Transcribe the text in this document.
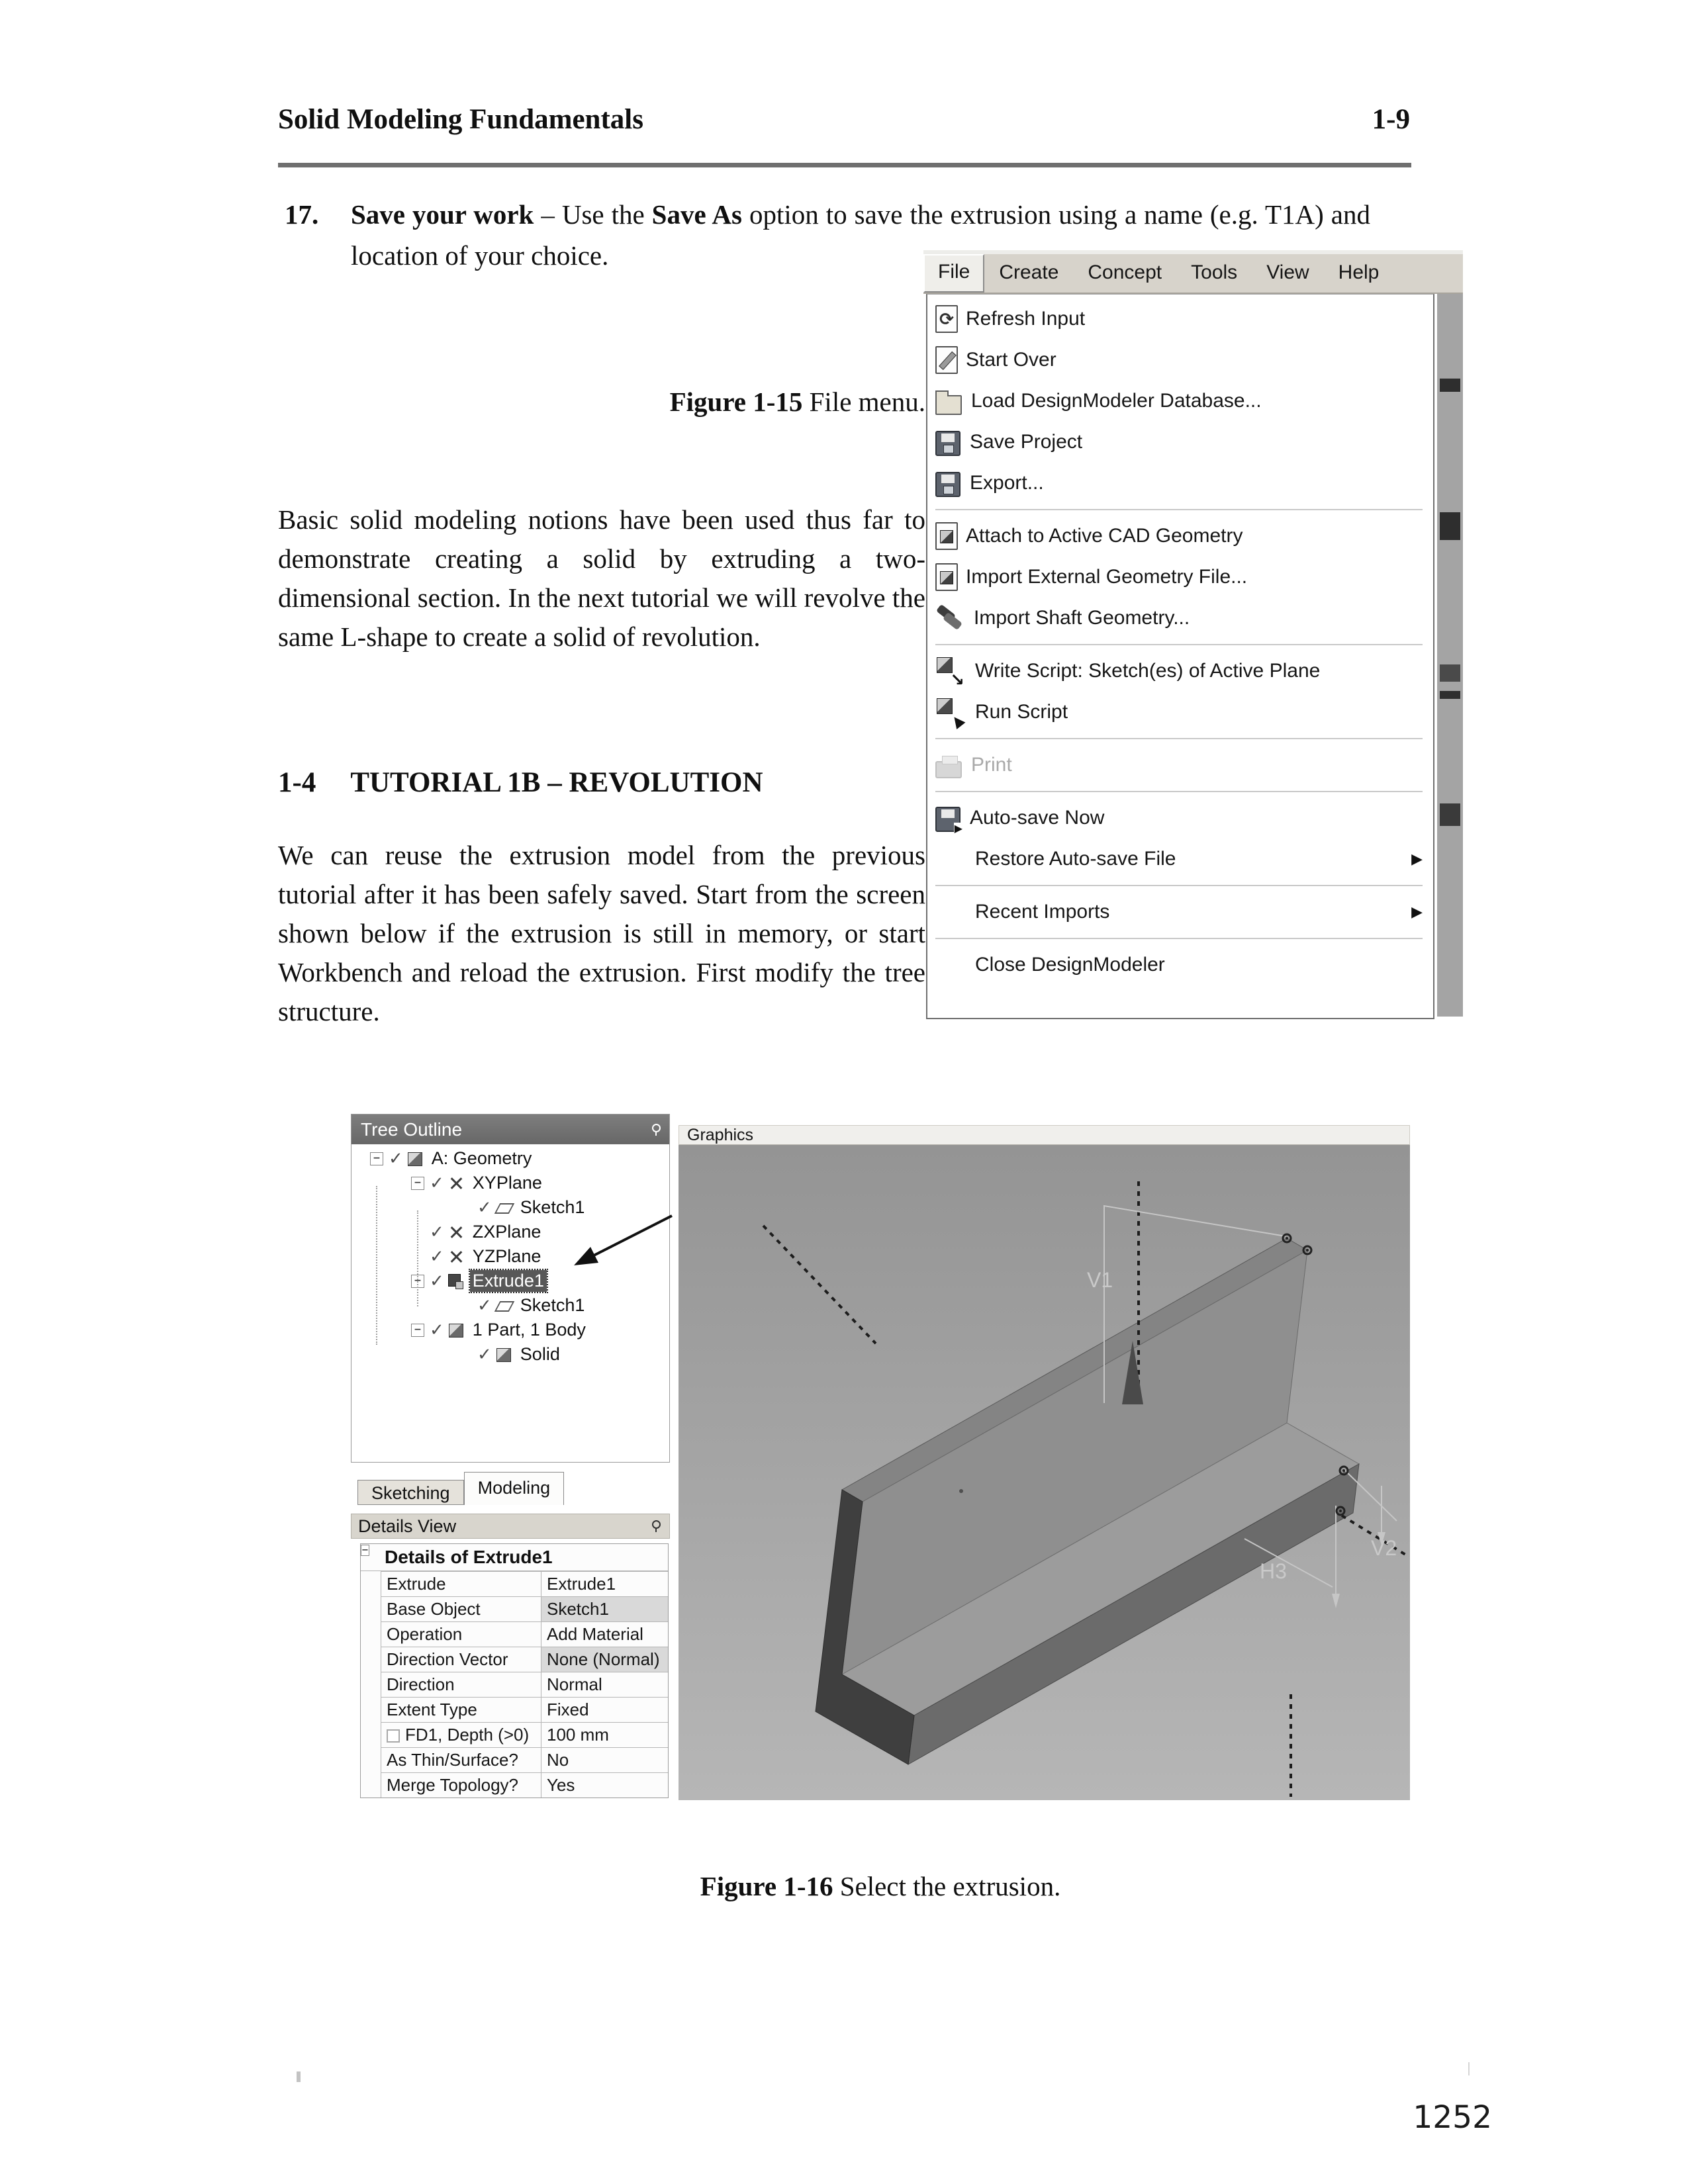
Solid Modeling Fundamentals	1-9
17. Save your work – Use the Save As option to save the extrusion using a name (e.g. T1A) and location of your choice.
Figure 1-15 File menu.
Basic solid modeling notions have been used thus far to demonstrate creating a solid by extruding a two-dimensional section. In the next tutorial we will revolve the same L-shape to create a solid of revolution.
1-4 TUTORIAL 1B – REVOLUTION
We can reuse the extrusion model from the previous tutorial after it has been safely saved. Start from the screen shown below if the extrusion is still in memory, or start Workbench and reload the extrusion. First modify the tree structure.
File	Create	Concept	Tools	View	Help
⟳
Refresh Input
Start Over
Load DesignModeler Database...
Save Project
Export...
Attach to Active CAD Geometry
Import External Geometry File...
Import Shaft Geometry...
↘
Write Script: Sketch(es) of Active Plane
▲
Run Script
Print
▶
Auto-save Now
Restore Auto-save File	▶
Recent Imports	▶
Close DesignModeler
Tree Outline
− ✓ A: Geometry
− ✓ XYPlane
✓ Sketch1
✓ ZXPlane
✓ YZPlane
− ✓ Extrude1
✓ Sketch1
− ✓ 1 Part, 1 Body
✓ Solid
Sketching	Modeling
Details View
− Details of Extrude1
Extrude	Extrude1
Base Object	Sketch1
Operation	Add Material
Direction Vector	None (Normal)
Direction	Normal
Extent Type	Fixed
FD1, Depth (>0)	100 mm
As Thin/Surface?	No
Merge Topology?	Yes
Graphics
V1
V2
H3
Figure 1-16 Select the extrusion.
1252
